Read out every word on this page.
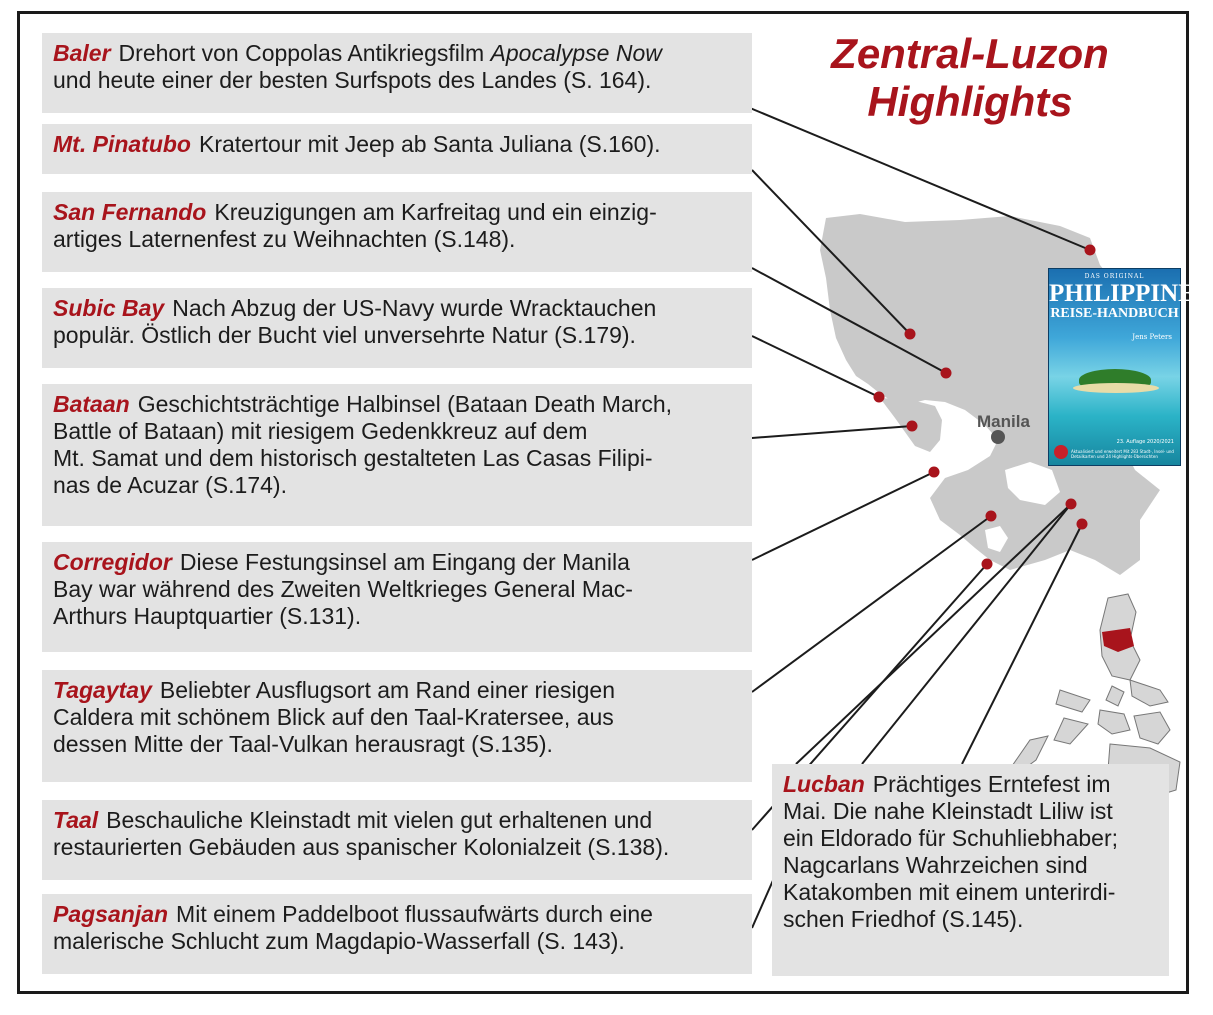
Manila
Zentral-Luzon
Highlights
DAS ORIGINAL
PHILIPPINEN
REISE-HANDBUCH
Jens Peters
23. Auflage 2020/2021
Aktualisiert und erweitert Mit 283 Stadt-, Insel- und Detailkarten und 24 Highlights-Übersichten
Baler Drehort von Coppolas Antikriegsfilm Apocalypse Now
und heute einer der besten Surfspots des Landes (S. 164).
Mt. Pinatubo Kratertour mit Jeep ab Santa Juliana (S.160).
San Fernando Kreuzigungen am Karfreitag und ein einzig-
artiges Laternenfest zu Weihnachten (S.148).
Subic Bay Nach Abzug der US-Navy wurde Wracktauchen
populär. Östlich der Bucht viel unversehrte Natur (S.179).
Bataan Geschichtsträchtige Halbinsel (Bataan Death March,
Battle of Bataan) mit riesigem Gedenkkreuz auf dem
Mt. Samat und dem historisch gestalteten Las Casas Filipi-
nas de Acuzar (S.174).
Corregidor Diese Festungsinsel am Eingang der Manila
Bay war während des Zweiten Weltkrieges General Mac-
Arthurs Hauptquartier (S.131).
Tagaytay Beliebter Ausflugsort am Rand einer riesigen
Caldera mit schönem Blick auf den Taal-Kratersee, aus
dessen Mitte der Taal-Vulkan herausragt (S.135).
Taal Beschauliche Kleinstadt mit vielen gut erhaltenen und
restaurierten Gebäuden aus spanischer Kolonialzeit (S.138).
Pagsanjan Mit einem Paddelboot flussaufwärts durch eine
malerische Schlucht zum Magdapio-Wasserfall (S. 143).
Lucban Prächtiges Erntefest im
Mai. Die nahe Kleinstadt Liliw ist
ein Eldorado für Schuhliebhaber;
Nagcarlans Wahrzeichen sind
Katakomben mit einem unterirdi-
schen Friedhof (S.145).
